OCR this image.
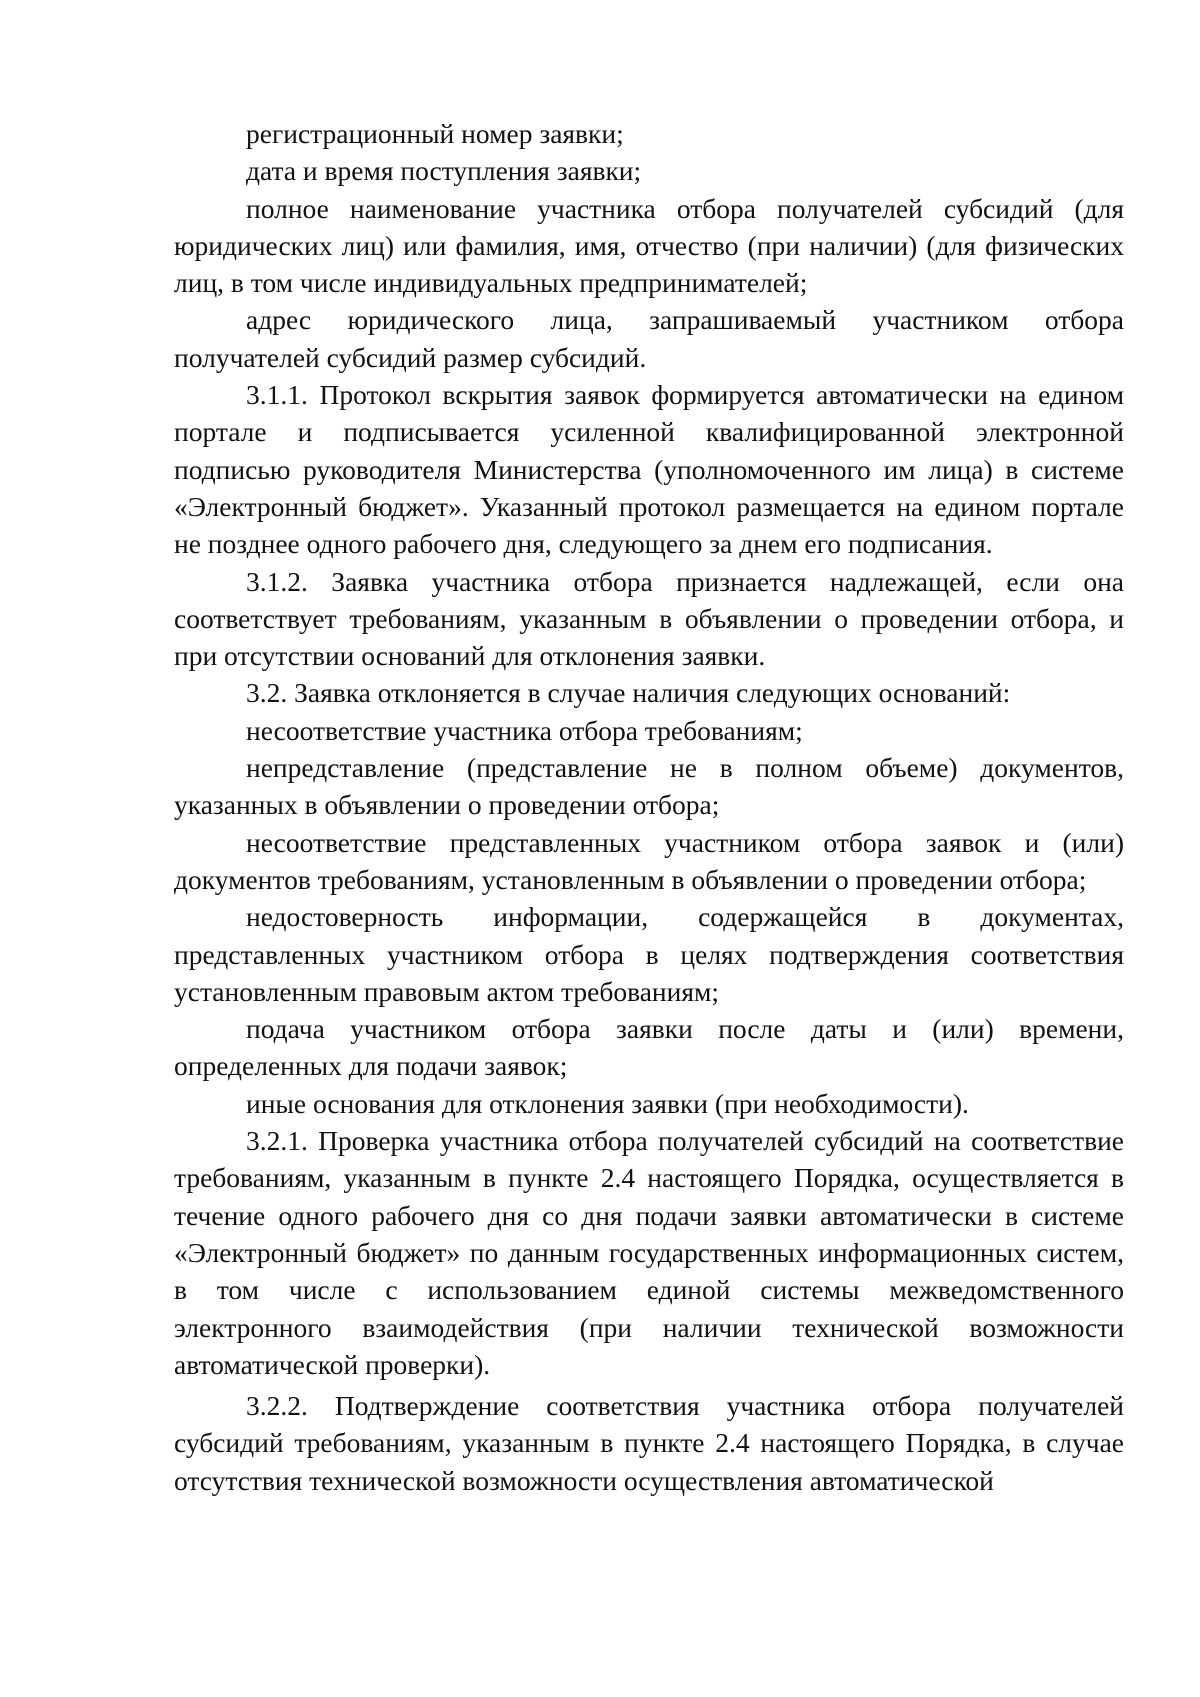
регистрационный номер заявки;

дата и время поступления заявки;

полное наименование участника отбора получателей субсидий (для юридических лиц) или фамилия, имя, отчество (при наличии) (для физических лиц, в том числе индивидуальных предпринимателей;

адрес юридического лица, запрашиваемый участником отбора получателей субсидий размер субсидий.

3.1.1. Протокол вскрытия заявок формируется автоматически на едином портале и подписывается усиленной квалифицированной электронной подписью руководителя Министерства (уполномоченного им лица) в системе «Электронный бюджет». Указанный протокол размещается на едином портале не позднее одного рабочего дня, следующего за днем его подписания.

3.1.2. Заявка участника отбора признается надлежащей, если она соответствует требованиям, указанным в объявлении о проведении отбора, и при отсутствии оснований для отклонения заявки.

3.2. Заявка отклоняется в случае наличия следующих оснований:

несоответствие участника отбора требованиям;

непредставление (представление не в полном объеме) документов, указанных в объявлении о проведении отбора;

несоответствие представленных участником отбора заявок и (или) документов требованиям, установленным в объявлении о проведении отбора;

недостоверность информации, содержащейся в документах, представленных участником отбора в целях подтверждения соответствия установленным правовым актом требованиям;

подача участником отбора заявки после даты и (или) времени, определенных для подачи заявок;

иные основания для отклонения заявки (при необходимости).

3.2.1. Проверка участника отбора получателей субсидий на соответствие требованиям, указанным в пункте 2.4 настоящего Порядка, осуществляется в течение одного рабочего дня со дня подачи заявки автоматически в системе «Электронный бюджет» по данным государственных информационных систем, в том числе с использованием единой системы межведомственного электронного взаимодействия (при наличии технической возможности автоматической проверки).

3.2.2. Подтверждение соответствия участника отбора получателей субсидий требованиям, указанным в пункте 2.4 настоящего Порядка, в случае отсутствия технической возможности осуществления автоматической
